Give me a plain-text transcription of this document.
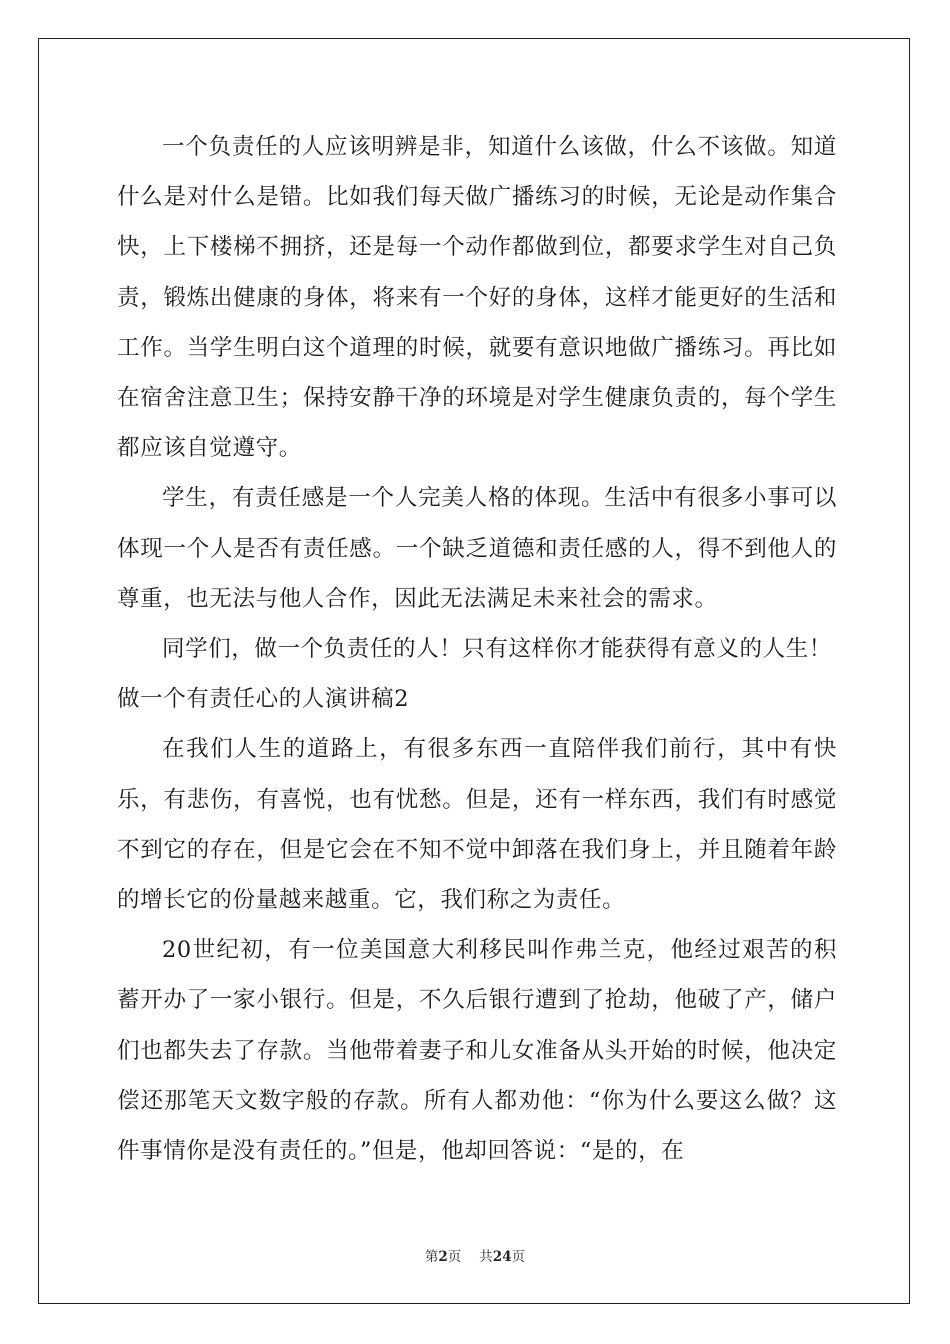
一个负责任的人应该明辨是非，知道什么该做，什么不该做。知道什么是对什么是错。比如我们每天做广播练习的时候，无论是动作集合快，上下楼梯不拥挤，还是每一个动作都做到位，都要求学生对自己负责，锻炼出健康的身体，将来有一个好的身体，这样才能更好的生活和工作。当学生明白这个道理的时候，就要有意识地做广播练习。再比如在宿舍注意卫生；保持安静干净的环境是对学生健康负责的，每个学生都应该自觉遵守。

学生，有责任感是一个人完美人格的体现。生活中有很多小事可以体现一个人是否有责任感。一个缺乏道德和责任感的人，得不到他人的尊重，也无法与他人合作，因此无法满足未来社会的需求。

同学们，做一个负责任的人！只有这样你才能获得有意义的人生！

做一个有责任心的人演讲稿2

在我们人生的道路上，有很多东西一直陪伴我们前行，其中有快乐，有悲伤，有喜悦，也有忧愁。但是，还有一样东西，我们有时感觉不到它的存在，但是它会在不知不觉中卸落在我们身上，并且随着年龄的增长它的份量越来越重。它，我们称之为责任。

20世纪初，有一位美国意大利移民叫作弗兰克，他经过艰苦的积蓄开办了一家小银行。但是，不久后银行遭到了抢劫，他破了产，储户们也都失去了存款。当他带着妻子和儿女准备从头开始的时候，他决定偿还那笔天文数字般的存款。所有人都劝他：“你为什么要这么做？这件事情你是没有责任的。”但是，他却回答说：“是的，在

第2页 共24页
